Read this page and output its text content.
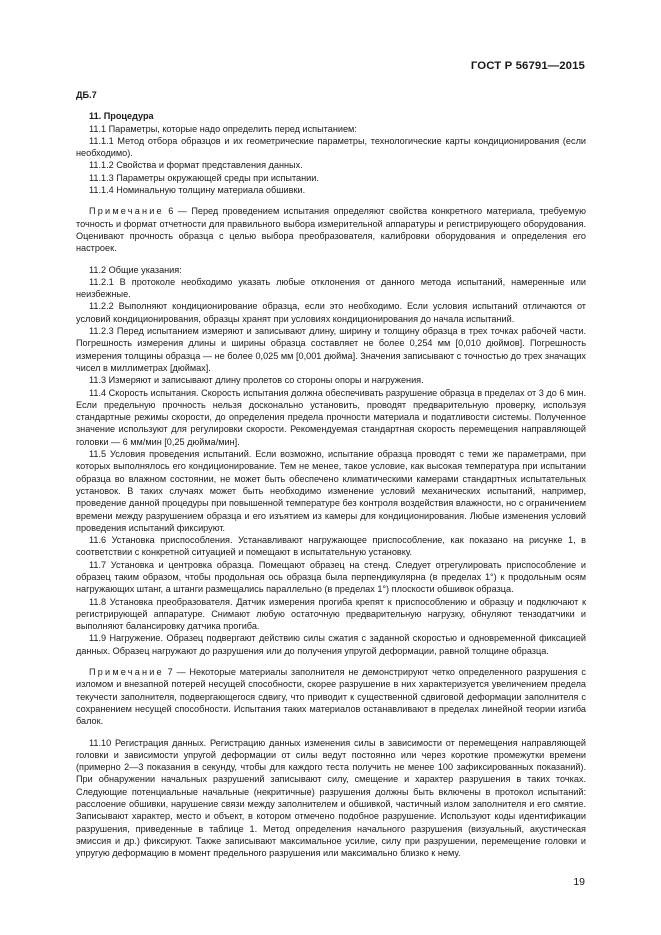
ГОСТ Р 56791—2015

ДБ.7

11. Процедура

11.1 Параметры, которые надо определить перед испытанием:

11.1.1 Метод отбора образцов и их геометрические параметры, технологические карты кондиционирования (если необходимо).

11.1.2 Свойства и формат представления данных.

11.1.3 Параметры окружающей среды при испытании.

11.1.4 Номинальную толщину материала обшивки.

Примечание 6 — Перед проведением испытания определяют свойства конкретного материала, требуемую точность и формат отчетности для правильного выбора измерительной аппаратуры и регистрирующего оборудования. Оценивают прочность образца с целью выбора преобразователя, калибровки оборудования и определения его настроек.

11.2 Общие указания:

11.2.1 В протоколе необходимо указать любые отклонения от данного метода испытаний, намеренные или неизбежные.

11.2.2 Выполняют кондиционирование образца, если это необходимо. Если условия испытаний отличаются от условий кондиционирования, образцы хранят при условиях кондиционирования до начала испытаний.

11.2.3 Перед испытанием измеряют и записывают длину, ширину и толщину образца в трех точках рабочей части. Погрешность измерения длины и ширины образца составляет не более 0,254 мм [0,010 дюймов]. Погрешность измерения толщины образца — не более 0,025 мм [0,001 дюйма]. Значения записывают с точностью до трех значащих чисел в миллиметрах [дюймах].

11.3 Измеряют и записывают длину пролетов со стороны опоры и нагружения.

11.4 Скорость испытания. Скорость испытания должна обеспечивать разрушение образца в пределах от 3 до 6 мин. Если предельную прочность нельзя досконально установить, проводят предварительную проверку, используя стандартные режимы скорости, до определения предела прочности материала и податливости системы. Полученное значение используют для регулировки скорости. Рекомендуемая стандартная скорость перемещения направляющей головки — 6 мм/мин [0,25 дюйма/мин].

11.5 Условия проведения испытаний. Если возможно, испытание образца проводят с теми же параметрами, при которых выполнялось его кондиционирование. Тем не менее, такое условие, как высокая температура при испытании образца во влажном состоянии, не может быть обеспечено климатическими камерами стандартных испытательных установок. В таких случаях может быть необходимо изменение условий механических испытаний, например, проведение данной процедуры при повышенной температуре без контроля воздействия влажности, но с ограничением времени между разрушением образца и его изъятием из камеры для кондиционирования. Любые изменения условий проведения испытаний фиксируют.

11.6 Установка приспособления. Устанавливают нагружающее приспособление, как показано на рисунке 1, в соответствии с конкретной ситуацией и помещают в испытательную установку.

11.7 Установка и центровка образца. Помещают образец на стенд. Следует отрегулировать приспособление и образец таким образом, чтобы продольная ось образца была перпендикулярна (в пределах 1°) к продольным осям нагружающих штанг, а штанги размещались параллельно (в пределах 1°) плоскости обшивок образца.

11.8 Установка преобразователя. Датчик измерения прогиба крепят к приспособлению и образцу и подключают к регистрирующей аппаратуре. Снимают любую остаточную предварительную нагрузку, обнуляют тензодатчики и выполняют балансировку датчика прогиба.

11.9 Нагружение. Образец подвергают действию силы сжатия с заданной скоростью и одновременной фиксацией данных. Образец нагружают до разрушения или до получения упругой деформации, равной толщине образца.

Примечание 7 — Некоторые материалы заполнителя не демонстрируют четко определенного разрушения с изломом и внезапной потерей несущей способности, скорее разрушение в них характеризуется увеличением предела текучести заполнителя, подвергающегося сдвигу, что приводит к существенной сдвиговой деформации заполнителя с сохранением несущей способности. Испытания таких материалов останавливают в пределах линейной теории изгиба балок.

11.10 Регистрация данных. Регистрацию данных изменения силы в зависимости от перемещения направляющей головки и зависимости упругой деформации от силы ведут постоянно или через короткие промежутки времени (примерно 2—3 показания в секунду, чтобы для каждого теста получить не менее 100 зафиксированных показаний). При обнаружении начальных разрушений записывают силу, смещение и характер разрушения в таких точках. Следующие потенциальные начальные (некритичные) разрушения должны быть включены в протокол испытаний: расслоение обшивки, нарушение связи между заполнителем и обшивкой, частичный излом заполнителя и его смятие. Записывают характер, место и объект, в котором отмечено подобное разрушение. Используют коды идентификации разрушения, приведенные в таблице 1. Метод определения начального разрушения (визуальный, акустическая эмиссия и др.) фиксируют. Также записывают максимальное усилие, силу при разрушении, перемещение головки и упругую деформацию в момент предельного разрушения или максимально близко к нему.

19
